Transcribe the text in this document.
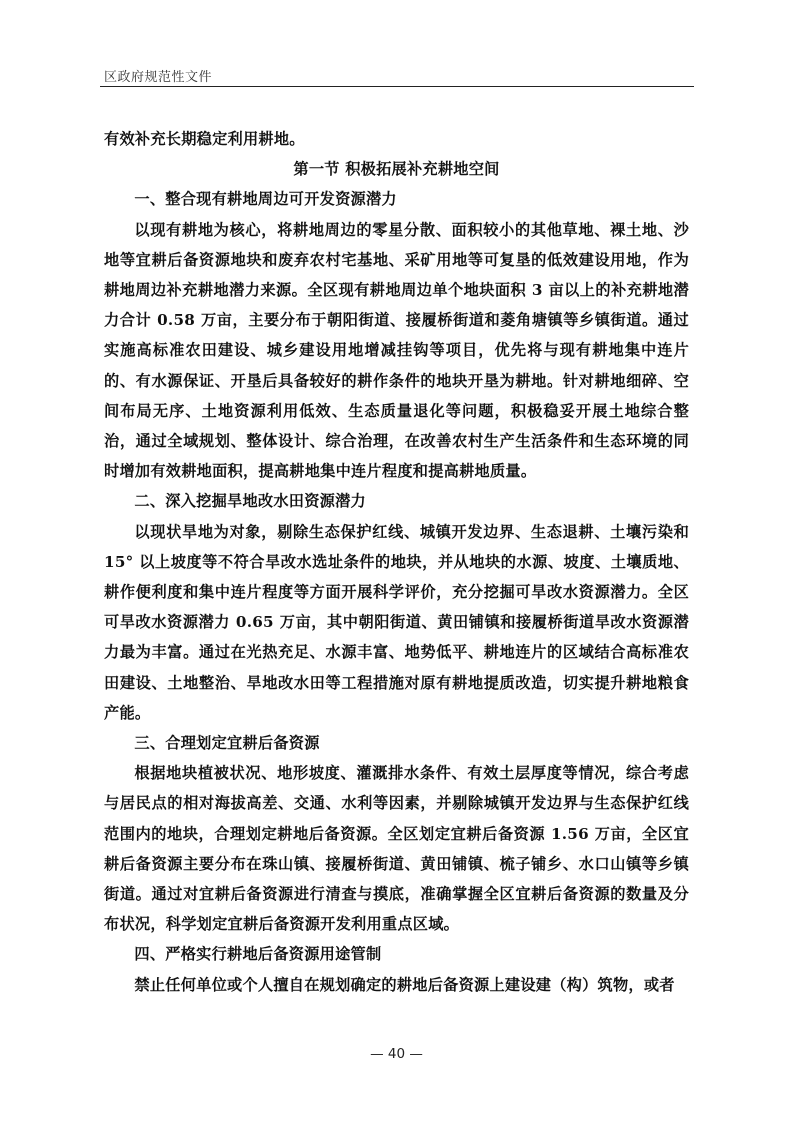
区政府规范性文件

有效补充长期稳定利用耕地。

第一节 积极拓展补充耕地空间

一、整合现有耕地周边可开发资源潜力

以现有耕地为核心，将耕地周边的零星分散、面积较小的其他草地、裸土地、沙地等宜耕后备资源地块和废弃农村宅基地、采矿用地等可复垦的低效建设用地，作为耕地周边补充耕地潜力来源。全区现有耕地周边单个地块面积 3 亩以上的补充耕地潜力合计 0.58 万亩，主要分布于朝阳街道、接履桥街道和菱角塘镇等乡镇街道。通过实施高标准农田建设、城乡建设用地增减挂钩等项目，优先将与现有耕地集中连片的、有水源保证、开垦后具备较好的耕作条件的地块开垦为耕地。针对耕地细碎、空间布局无序、土地资源利用低效、生态质量退化等问题，积极稳妥开展土地综合整治，通过全域规划、整体设计、综合治理，在改善农村生产生活条件和生态环境的同时增加有效耕地面积，提高耕地集中连片程度和提高耕地质量。

二、深入挖掘旱地改水田资源潜力

以现状旱地为对象，剔除生态保护红线、城镇开发边界、生态退耕、土壤污染和 15° 以上坡度等不符合旱改水选址条件的地块，并从地块的水源、坡度、土壤质地、耕作便利度和集中连片程度等方面开展科学评价，充分挖掘可旱改水资源潜力。全区可旱改水资源潜力 0.65 万亩，其中朝阳街道、黄田铺镇和接履桥街道旱改水资源潜力最为丰富。通过在光热充足、水源丰富、地势低平、耕地连片的区域结合高标准农田建设、土地整治、旱地改水田等工程措施对原有耕地提质改造，切实提升耕地粮食产能。

三、合理划定宜耕后备资源

根据地块植被状况、地形坡度、灌溉排水条件、有效土层厚度等情况，综合考虑与居民点的相对海拔高差、交通、水利等因素，并剔除城镇开发边界与生态保护红线范围内的地块，合理划定耕地后备资源。全区划定宜耕后备资源 1.56 万亩，全区宜耕后备资源主要分布在珠山镇、接履桥街道、黄田铺镇、梳子铺乡、水口山镇等乡镇街道。通过对宜耕后备资源进行清查与摸底，准确掌握全区宜耕后备资源的数量及分布状况，科学划定宜耕后备资源开发利用重点区域。

四、严格实行耕地后备资源用途管制

禁止任何单位或个人擅自在规划确定的耕地后备资源上建设建（构）筑物，或者

— 40 —
